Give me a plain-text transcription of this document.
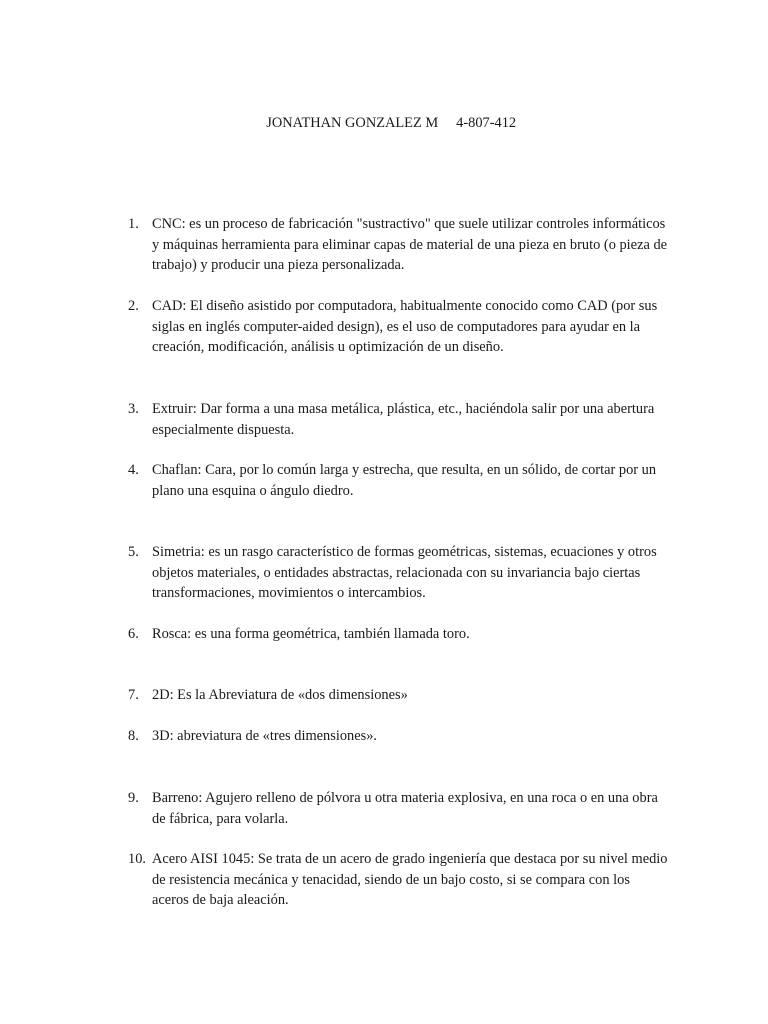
JONATHAN GONZALEZ M 4-807-412

1. CNC: es un proceso de fabricación "sustractivo" que suele utilizar controles informáticos y máquinas herramienta para eliminar capas de material de una pieza en bruto (o pieza de trabajo) y producir una pieza personalizada.
2. CAD: El diseño asistido por computadora, habitualmente conocido como CAD (por sus siglas en inglés computer-aided design), es el uso de computadores para ayudar en la creación, modificación, análisis u optimización de un diseño.
3. Extruir: Dar forma a una masa metálica, plástica, etc., haciéndola salir por una abertura especialmente dispuesta.
4. Chaflan: Cara, por lo común larga y estrecha, que resulta, en un sólido, de cortar por un plano una esquina o ángulo diedro.
5. Simetria: es un rasgo característico de formas geométricas, sistemas, ecuaciones y otros objetos materiales, o entidades abstractas, relacionada con su invariancia bajo ciertas transformaciones, movimientos o intercambios.
6. Rosca: es una forma geométrica, también llamada toro.
7. 2D: Es la Abreviatura de «dos dimensiones»
8. 3D: abreviatura de «tres dimensiones».
9. Barreno: Agujero relleno de pólvora u otra materia explosiva, en una roca o en una obra de fábrica, para volarla.
10. Acero AISI 1045: Se trata de un acero de grado ingeniería que destaca por su nivel medio de resistencia mecánica y tenacidad, siendo de un bajo costo, si se compara con los aceros de baja aleación.
